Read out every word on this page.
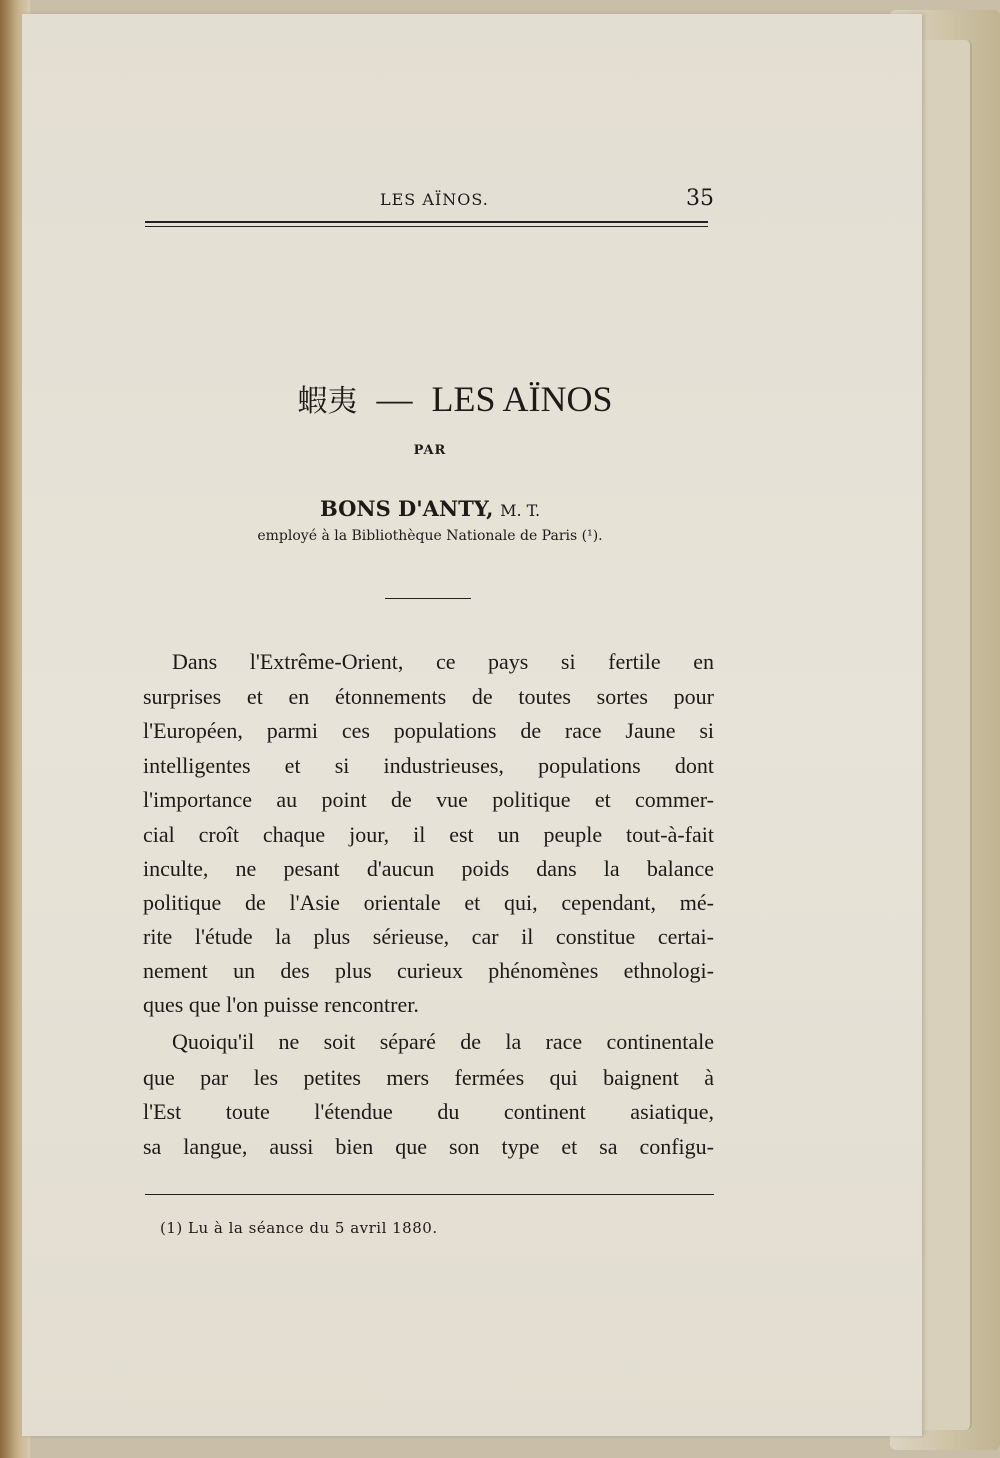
LES AÏNOS.	35
蝦夷 — LES AÏNOS
PAR
BONS D'ANTY, M. T.
employé à la Bibliothèque Nationale de Paris (¹).
Dans l'Extrême-Orient, ce pays si fertile en
surprises et en étonnements de toutes sortes pour
l'Européen, parmi ces populations de race Jaune si
intelligentes et si industrieuses, populations dont
l'importance au point de vue politique et commer-
cial croît chaque jour, il est un peuple tout-à-fait
inculte, ne pesant d'aucun poids dans la balance
politique de l'Asie orientale et qui, cependant, mé-
rite l'étude la plus sérieuse, car il constitue certai-
nement un des plus curieux phénomènes ethnologi-
ques que l'on puisse rencontrer.
Quoiqu'il ne soit séparé de la race continentale
que par les petites mers fermées qui baignent à
l'Est toute l'étendue du continent asiatique,
sa langue, aussi bien que son type et sa configu-
(1) Lu à la séance du 5 avril 1880.
